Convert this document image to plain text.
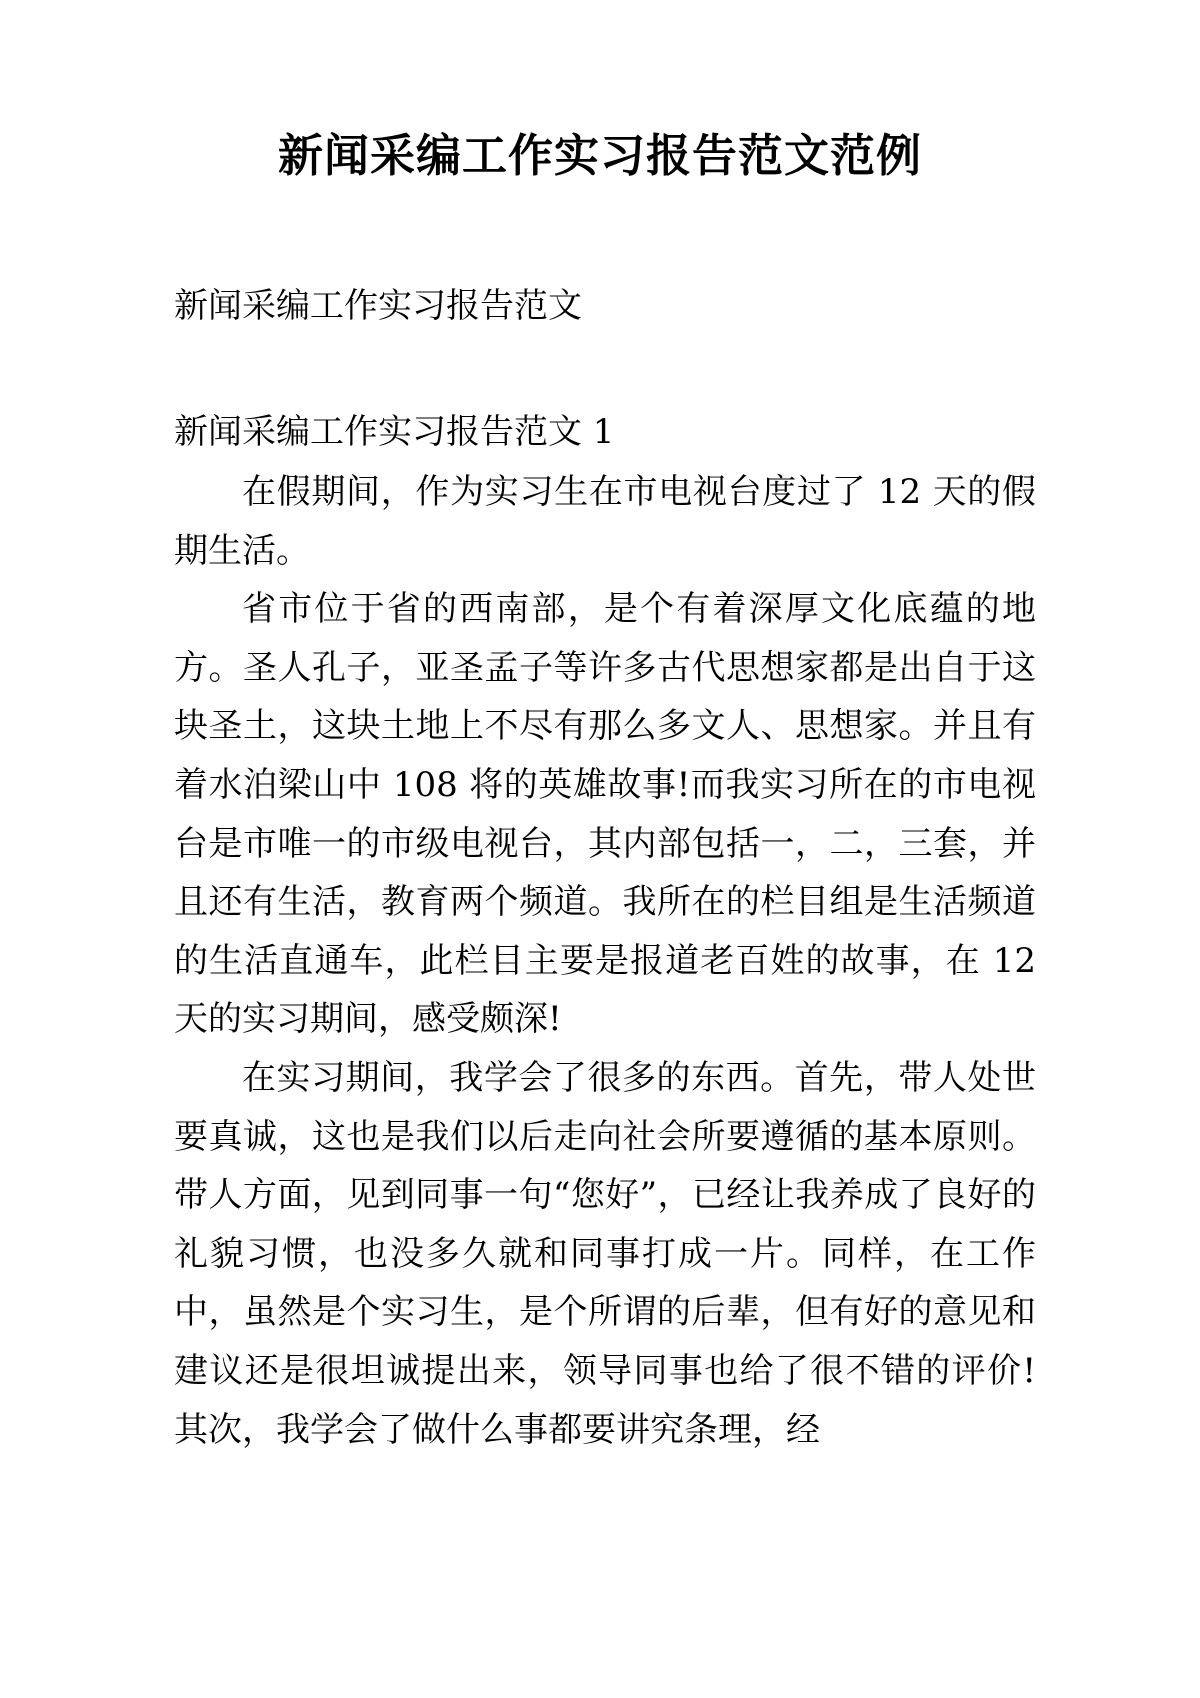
新闻采编工作实习报告范文范例
新闻采编工作实习报告范文
新闻采编工作实习报告范文 1

在假期间，作为实习生在市电视台度过了 12 天的假期生活。

省市位于省的西南部，是个有着深厚文化底蕴的地方。圣人孔子，亚圣孟子等许多古代思想家都是出自于这块圣土，这块土地上不尽有那么多文人、思想家。并且有着水泊梁山中 108 将的英雄故事!而我实习所在的市电视台是市唯一的市级电视台，其内部包括一，二，三套，并且还有生活，教育两个频道。我所在的栏目组是生活频道的生活直通车，此栏目主要是报道老百姓的故事，在 12 天的实习期间，感受颇深!

在实习期间，我学会了很多的东西。首先，带人处世要真诚，这也是我们以后走向社会所要遵循的基本原则。带人方面，见到同事一句“您好”，已经让我养成了良好的礼貌习惯，也没多久就和同事打成一片。同样，在工作中，虽然是个实习生，是个所谓的后辈，但有好的意见和建议还是很坦诚提出来，领导同事也给了很不错的评价!其次，我学会了做什么事都要讲究条理，经
